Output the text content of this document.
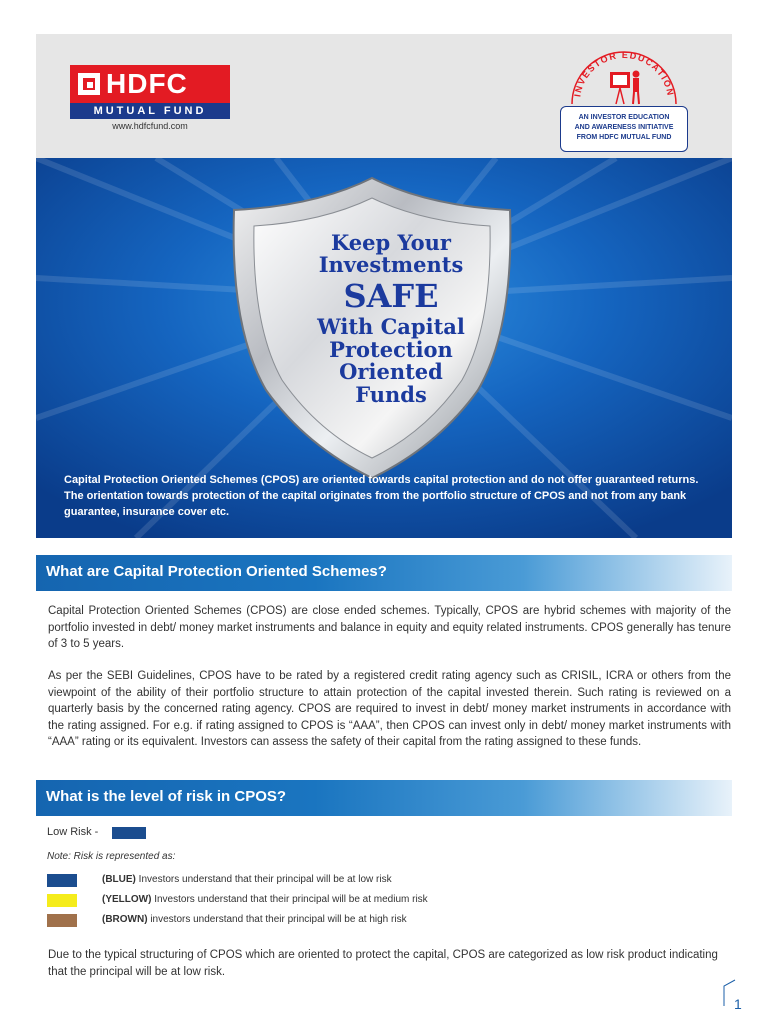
HDFC
MUTUAL FUND
www.hdfcfund.com
INVESTOR EDUCATION
AN INVESTOR EDUCATION
AND AWARENESS INITIATIVE
FROM HDFC MUTUAL FUND
Keep Your
Investments
SAFE
With Capital
Protection
Oriented
Funds
Capital Protection Oriented Schemes (CPOS) are oriented towards capital protection and do not offer guaranteed returns. The orientation towards protection of the capital originates from the portfolio structure of CPOS and not from any bank guarantee, insurance cover etc.
What are Capital Protection Oriented Schemes?

Capital Protection Oriented Schemes (CPOS) are close ended schemes. Typically, CPOS are hybrid schemes with majority of the portfolio invested in debt/ money market instruments and balance in equity and equity related instruments. CPOS generally has tenure of 3 to 5 years.

As per the SEBI Guidelines, CPOS have to be rated by a registered credit rating agency such as CRISIL, ICRA or others from the viewpoint of the ability of their portfolio structure to attain protection of the capital invested therein. Such rating is reviewed on a quarterly basis by the concerned rating agency. CPOS are required to invest in debt/ money market instruments in accordance with the rating assigned. For e.g. if rating assigned to CPOS is “AAA”, then CPOS can invest only in debt/ money market instruments with “AAA” rating or its equivalent. Investors can assess the safety of their capital from the rating assigned to these funds.

What is the level of risk in CPOS?
Low Risk -
Note: Risk is represented as:
(BLUE) Investors understand that their principal will be at low risk
(YELLOW) Investors understand that their principal will be at medium risk
(BROWN) investors understand that their principal will be at high risk

Due to the typical structuring of CPOS which are oriented to protect the capital, CPOS are categorized as low risk product indicating that the principal will be at low risk.

1
